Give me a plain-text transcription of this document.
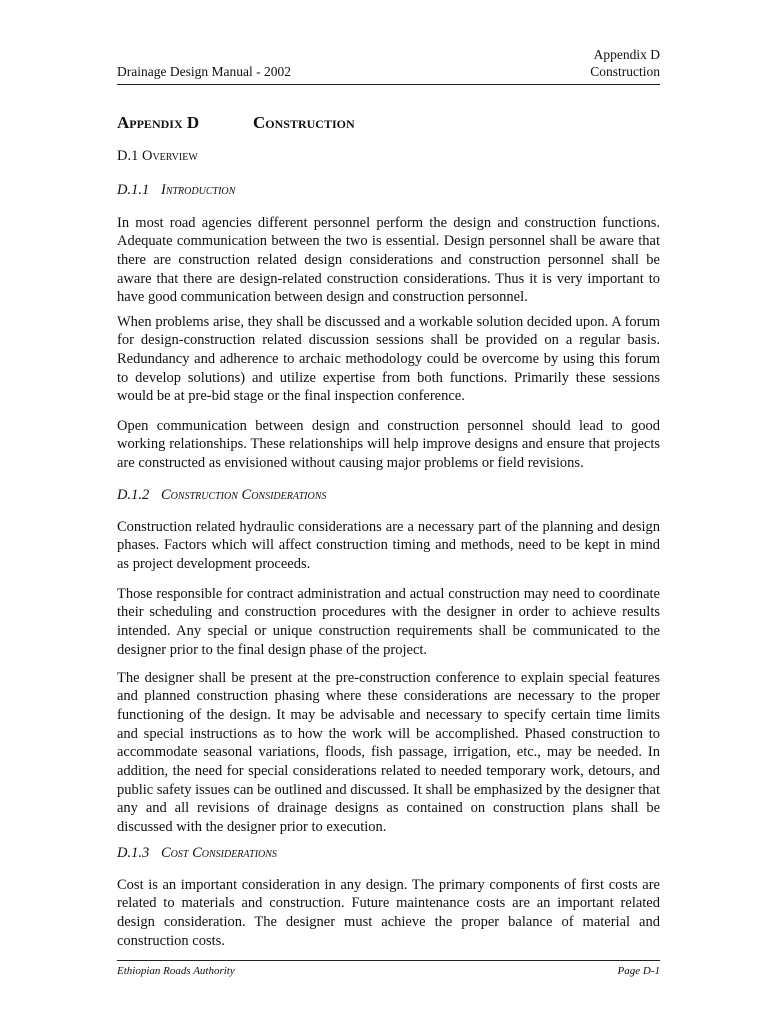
Drainage Design Manual - 2002
Appendix D
Construction
Appendix D	Construction
D.1 Overview
D.1.1 Introduction

In most road agencies different personnel perform the design and construction functions. Adequate communication between the two is essential. Design personnel shall be aware that there are construction related design considerations and construction personnel shall be aware that there are design-related construction considerations. Thus it is very important to have good communication between design and construction personnel.

When problems arise, they shall be discussed and a workable solution decided upon. A forum for design-construction related discussion sessions shall be provided on a regular basis. Redundancy and adherence to archaic methodology could be overcome by using this forum to develop solutions) and utilize expertise from both functions. Primarily these sessions would be at pre-bid stage or the final inspection conference.

Open communication between design and construction personnel should lead to good working relationships. These relationships will help improve designs and ensure that projects are constructed as envisioned without causing major problems or field revisions.

D.1.2 Construction Considerations

Construction related hydraulic considerations are a necessary part of the planning and design phases. Factors which will affect construction timing and methods, need to be kept in mind as project development proceeds.

Those responsible for contract administration and actual construction may need to coordinate their scheduling and construction procedures with the designer in order to achieve results intended. Any special or unique construction requirements shall be communicated to the designer prior to the final design phase of the project.

The designer shall be present at the pre-construction conference to explain special features and planned construction phasing where these considerations are necessary to the proper functioning of the design. It may be advisable and necessary to specify certain time limits and special instructions as to how the work will be accomplished. Phased construction to accommodate seasonal variations, floods, fish passage, irrigation, etc., may be needed. In addition, the need for special considerations related to needed temporary work, detours, and public safety issues can be outlined and discussed. It shall be emphasized by the designer that any and all revisions of drainage designs as contained on construction plans shall be discussed with the designer prior to execution.

D.1.3 Cost Considerations

Cost is an important consideration in any design. The primary components of first costs are related to materials and construction. Future maintenance costs are an important related design consideration. The designer must achieve the proper balance of material and construction costs.

Ethiopian Roads Authority	Page D-1
